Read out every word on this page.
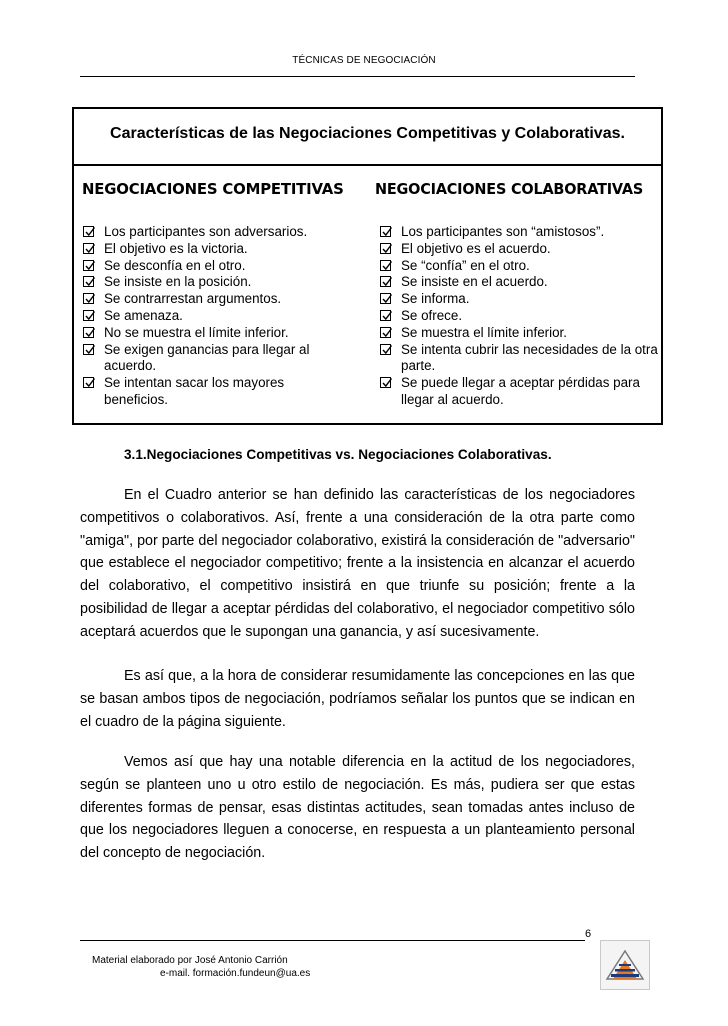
TÉCNICAS DE NEGOCIACIÓN
Características de las Negociaciones Competitivas y Colaborativas.
NEGOCIACIONES COMPETITIVAS NEGOCIACIONES COLABORATIVAS
Los participantes son adversarios.
El objetivo es la victoria.
Se desconfía en el otro.
Se insiste en la posición.
Se contrarrestan argumentos.
Se amenaza.
No se muestra el límite inferior.
Se exigen ganancias para llegar al acuerdo.
Se intentan sacar los mayores beneficios.
Los participantes son “amistosos”.
El objetivo es el acuerdo.
Se “confía” en el otro.
Se insiste en el acuerdo.
Se informa.
Se ofrece.
Se muestra el límite inferior.
Se intenta cubrir las necesidades de la otra parte.
Se puede llegar a aceptar pérdidas para llegar al acuerdo.
3.1.Negociaciones Competitivas vs. Negociaciones Colaborativas.

En el Cuadro anterior se han definido las características de los negociadores competitivos o colaborativos. Así, frente a una consideración de la otra parte como "amiga", por parte del negociador colaborativo, existirá la consideración de "adversario" que establece el negociador competitivo; frente a la insistencia en alcanzar el acuerdo del colaborativo, el competitivo insistirá en que triunfe su posición; frente a la posibilidad de llegar a aceptar pérdidas del colaborativo, el negociador competitivo sólo aceptará acuerdos que le supongan una ganancia, y así sucesivamente.

Es así que, a la hora de considerar resumidamente las concepciones en las que se basan ambos tipos de negociación, podríamos señalar los puntos que se indican en el cuadro de la página siguiente.

Vemos así que hay una notable diferencia en la actitud de los negociadores, según se planteen uno u otro estilo de negociación. Es más, pudiera ser que estas diferentes formas de pensar, esas distintas actitudes, sean tomadas antes incluso de que los negociadores lleguen a conocerse, en respuesta a un planteamiento personal del concepto de negociación.

6
Material elaborado por José Antonio Carrión
e-mail. formación.fundeun@ua.es
